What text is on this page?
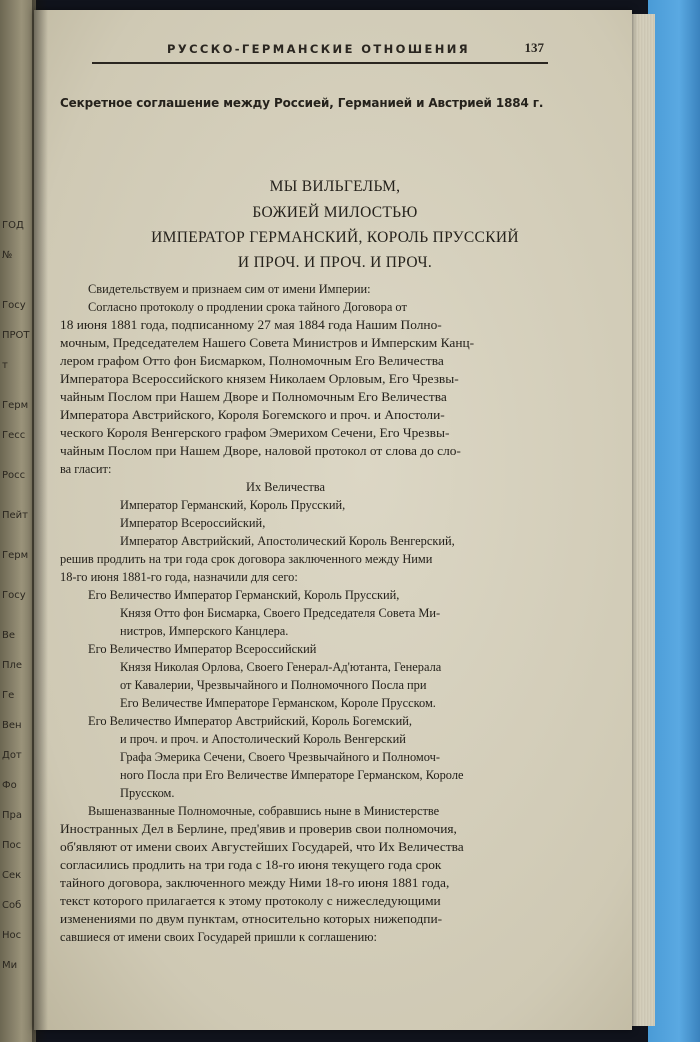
ГОД
№
Госу
ПРОТ
т
Герм
Гесс
Росс
Пейт
Герм
Госу
Ве
Пле
Ге
Вен
Дот
Фо
Пра
Пос
Сек
Соб
Нос
Ми
РУССКО-ГЕРМАНСКИЕ ОТНОШЕНИЯ	137
Секретное соглашение между Россией, Германией и Австрией 1884 г.
МЫ ВИЛЬГЕЛЬМ,
БОЖИЕЙ МИЛОСТЬЮ
ИМПЕРАТОР ГЕРМАНСКИЙ, КОРОЛЬ ПРУССКИЙ
И ПРОЧ. И ПРОЧ. И ПРОЧ.
Свидетельствуем и признаем сим от имени Империи:
Согласно протоколу о продлении срока тайного Договора от
18 июня 1881 года, подписанному 27 мая 1884 года Нашим Полно-
мочным, Председателем Нашего Совета Министров и Имперским Канц-
лером графом Отто фон Бисмарком, Полномочным Его Величества
Императора Всероссийского князем Николаем Орловым, Его Чрезвы-
чайным Послом при Нашем Дворе и Полномочным Его Величества
Императора Австрийского, Короля Богемского и проч. и Апостоли-
ческого Короля Венгерского графом Эмерихом Сечени, Его Чрезвы-
чайным Послом при Нашем Дворе, наловой протокол от слова до сло-
ва гласит:
Их Величества
Император Германский, Король Прусский,
Император Всероссийский,
Император Австрийский, Апостолический Король Венгерский,
решив продлить на три года срок договора заключенного между Ними
18-го июня 1881-го года, назначили для сего:
Его Величество Император Германский, Король Прусский,
Князя Отто фон Бисмарка, Своего Председателя Совета Ми-
нистров, Имперского Канцлера.
Его Величество Император Всероссийский
Князя Николая Орлова, Своего Генерал-Ад'ютанта, Генерала
от Кавалерии, Чрезвычайного и Полномочного Посла при
Его Величестве Императоре Германском, Короле Прусском.
Его Величество Император Австрийский, Король Богемский,
и проч. и проч. и Апостолический Король Венгерский
Графа Эмерика Сечени, Своего Чрезвычайного и Полномоч-
ного Посла при Его Величестве Императоре Германском, Короле
Прусском.
Вышеназванные Полномочные, собравшись ныне в Министерстве
Иностранных Дел в Берлине, пред'явив и проверив свои полномочия,
об'являют от имени своих Августейших Государей, что Их Величества
согласились продлить на три года с 18-го июня текущего года срок
тайного договора, заключенного между Ними 18-го июня 1881 года,
текст которого прилагается к этому протоколу с нижеследующими
изменениями по двум пунктам, относительно которых нижеподпи-
савшиеся от имени своих Государей пришли к соглашению:
